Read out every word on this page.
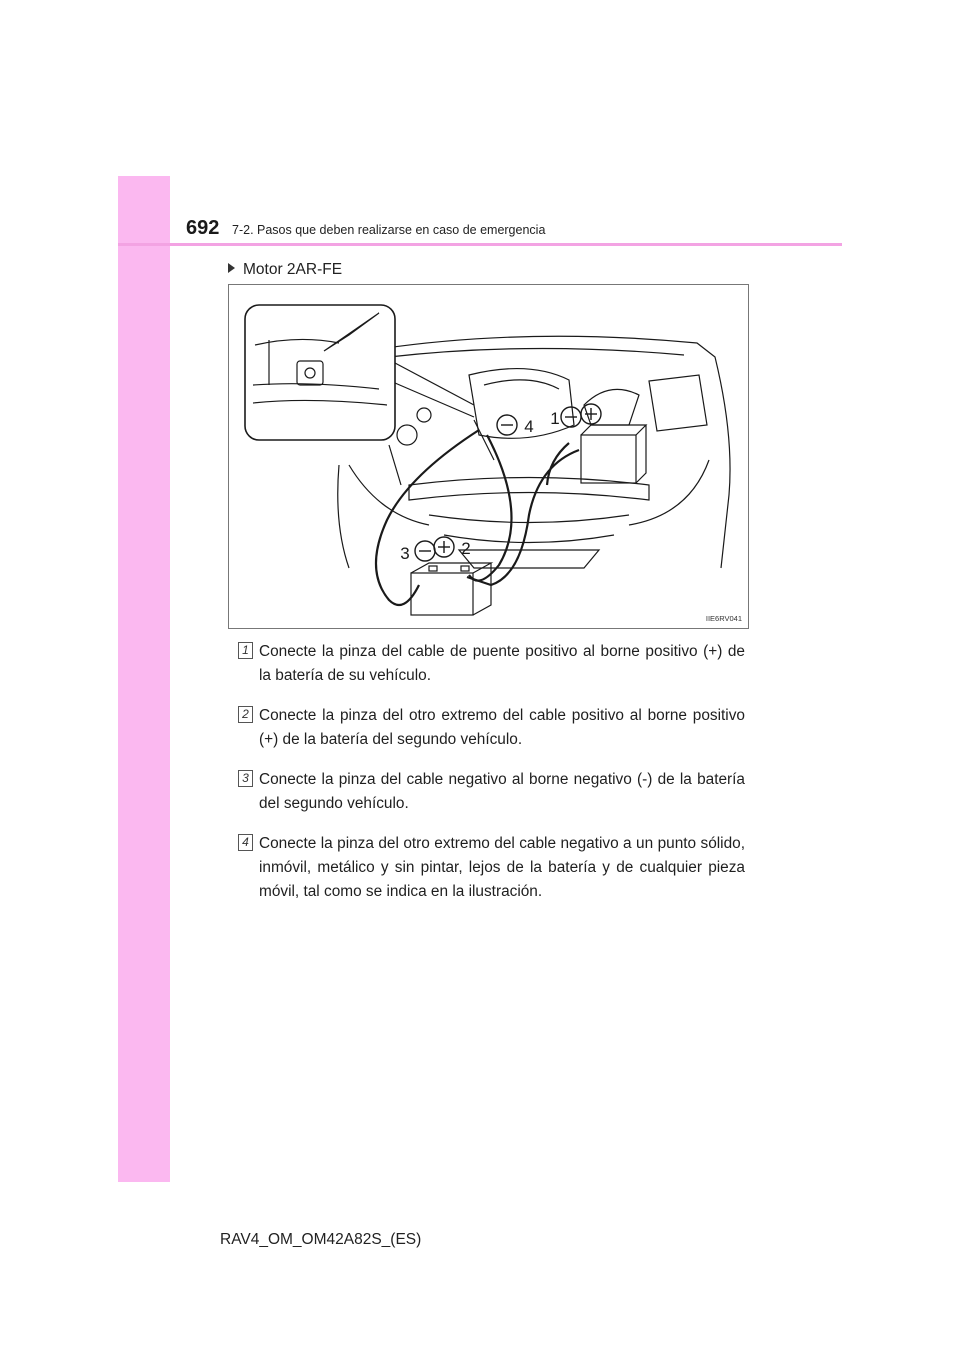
692 7-2. Pasos que deben realizarse en caso de emergencia
4 1
2
3
IIE6RV041
Motor 2AR-FE
1 Conecte la pinza del cable de puente positivo al borne positivo (+) de la batería de su vehículo.
2 Conecte la pinza del otro extremo del cable positivo al borne positivo (+) de la batería del segundo vehículo.
3 Conecte la pinza del cable negativo al borne negativo (-) de la batería del segundo vehículo.
4 Conecte la pinza del otro extremo del cable negativo a un punto sólido, inmóvil, metálico y sin pintar, lejos de la batería y de cualquier pieza móvil, tal como se indica en la ilustración.
RAV4_OM_OM42A82S_(ES)
